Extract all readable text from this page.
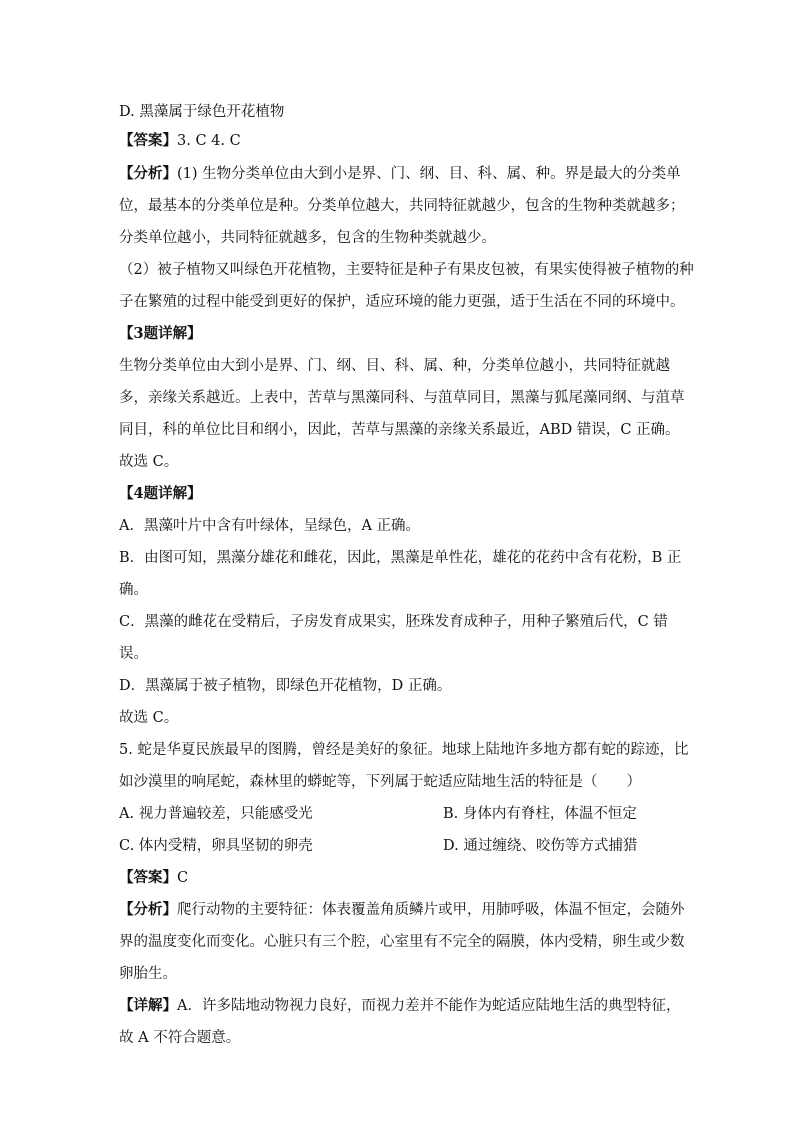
D. 黑藻属于绿色开花植物
【答案】3. C 4. C
【分析】(1) 生物分类单位由大到小是界、门、纲、目、科、属、种。界是最大的分类单
位，最基本的分类单位是种。分类单位越大，共同特征就越少，包含的生物种类就越多；
分类单位越小，共同特征就越多，包含的生物种类就越少。
（2）被子植物又叫绿色开花植物，主要特征是种子有果皮包被，有果实使得被子植物的种
子在繁殖的过程中能受到更好的保护，适应环境的能力更强，适于生活在不同的环境中。
【3题详解】
生物分类单位由大到小是界、门、纲、目、科、属、种，分类单位越小，共同特征就越
多，亲缘关系越近。上表中，苦草与黑藻同科、与菹草同目，黑藻与狐尾藻同纲、与菹草
同目，科的单位比目和纲小，因此，苦草与黑藻的亲缘关系最近，ABD 错误，C 正确。
故选 C。
【4题详解】
A．黑藻叶片中含有叶绿体，呈绿色，A 正确。
B．由图可知，黑藻分雄花和雌花，因此，黑藻是单性花，雄花的花药中含有花粉，B 正
确。
C．黑藻的雌花在受精后，子房发育成果实，胚珠发育成种子，用种子繁殖后代，C 错
误。
D．黑藻属于被子植物，即绿色开花植物，D 正确。
故选 C。
5. 蛇是华夏民族最早的图腾，曾经是美好的象征。地球上陆地许多地方都有蛇的踪迹，比
如沙漠里的响尾蛇，森林里的蟒蛇等，下列属于蛇适应陆地生活的特征是（　　）
A. 视力普遍较差，只能感受光	B. 身体内有脊柱，体温不恒定
C. 体内受精，卵具坚韧的卵壳	D. 通过缠绕、咬伤等方式捕猎
【答案】C
【分析】爬行动物的主要特征：体表覆盖角质鳞片或甲，用肺呼吸，体温不恒定，会随外
界的温度变化而变化。心脏只有三个腔，心室里有不完全的隔膜，体内受精，卵生或少数
卵胎生。
【详解】A．许多陆地动物视力良好，而视力差并不能作为蛇适应陆地生活的典型特征，
故 A 不符合题意。
